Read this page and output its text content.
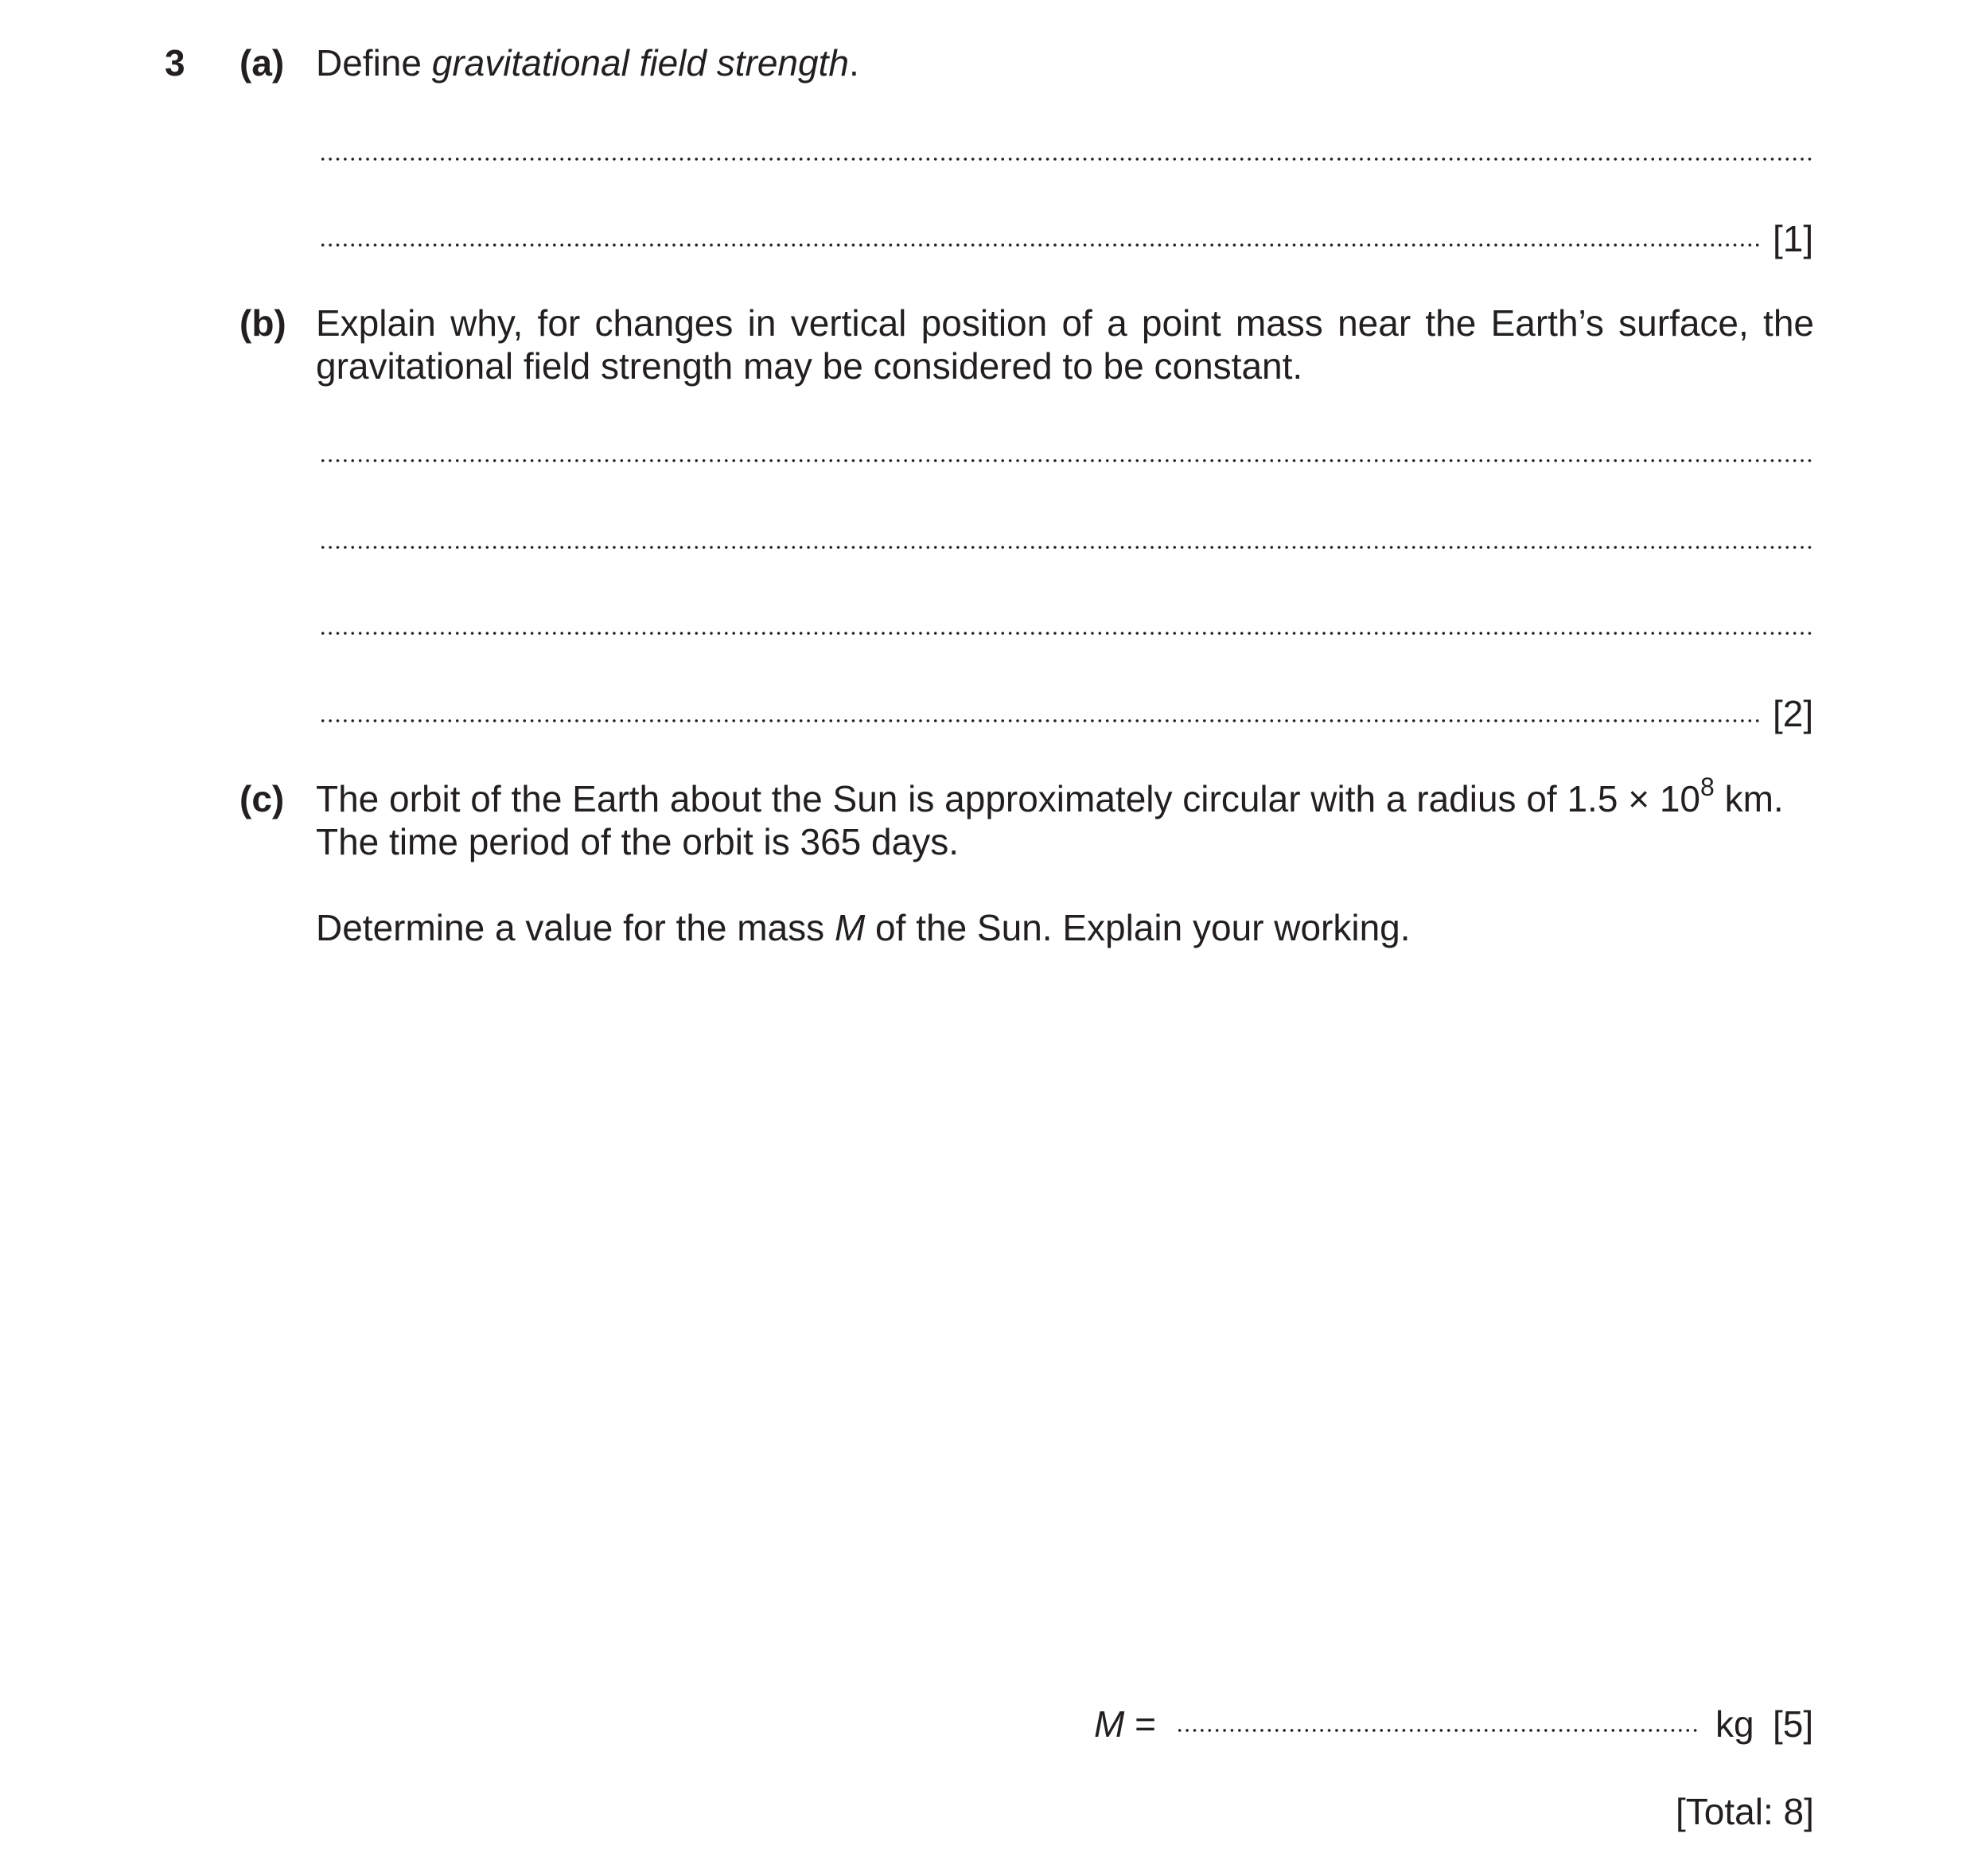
3 (a) Define gravitational field strength.
[1]
(b) Explain why, for changes in vertical position of a point mass near the Earth’s surface, the
gravitational field strength may be considered to be constant.
[2]
(c) The orbit of the Earth about the Sun is approximately circular with a radius of $1.5 \times 10^8$ km.
The time period of the orbit is 365 days.
Determine a value for the mass M of the Sun. Explain your working.
M =	kg [5]
[Total: 8]
